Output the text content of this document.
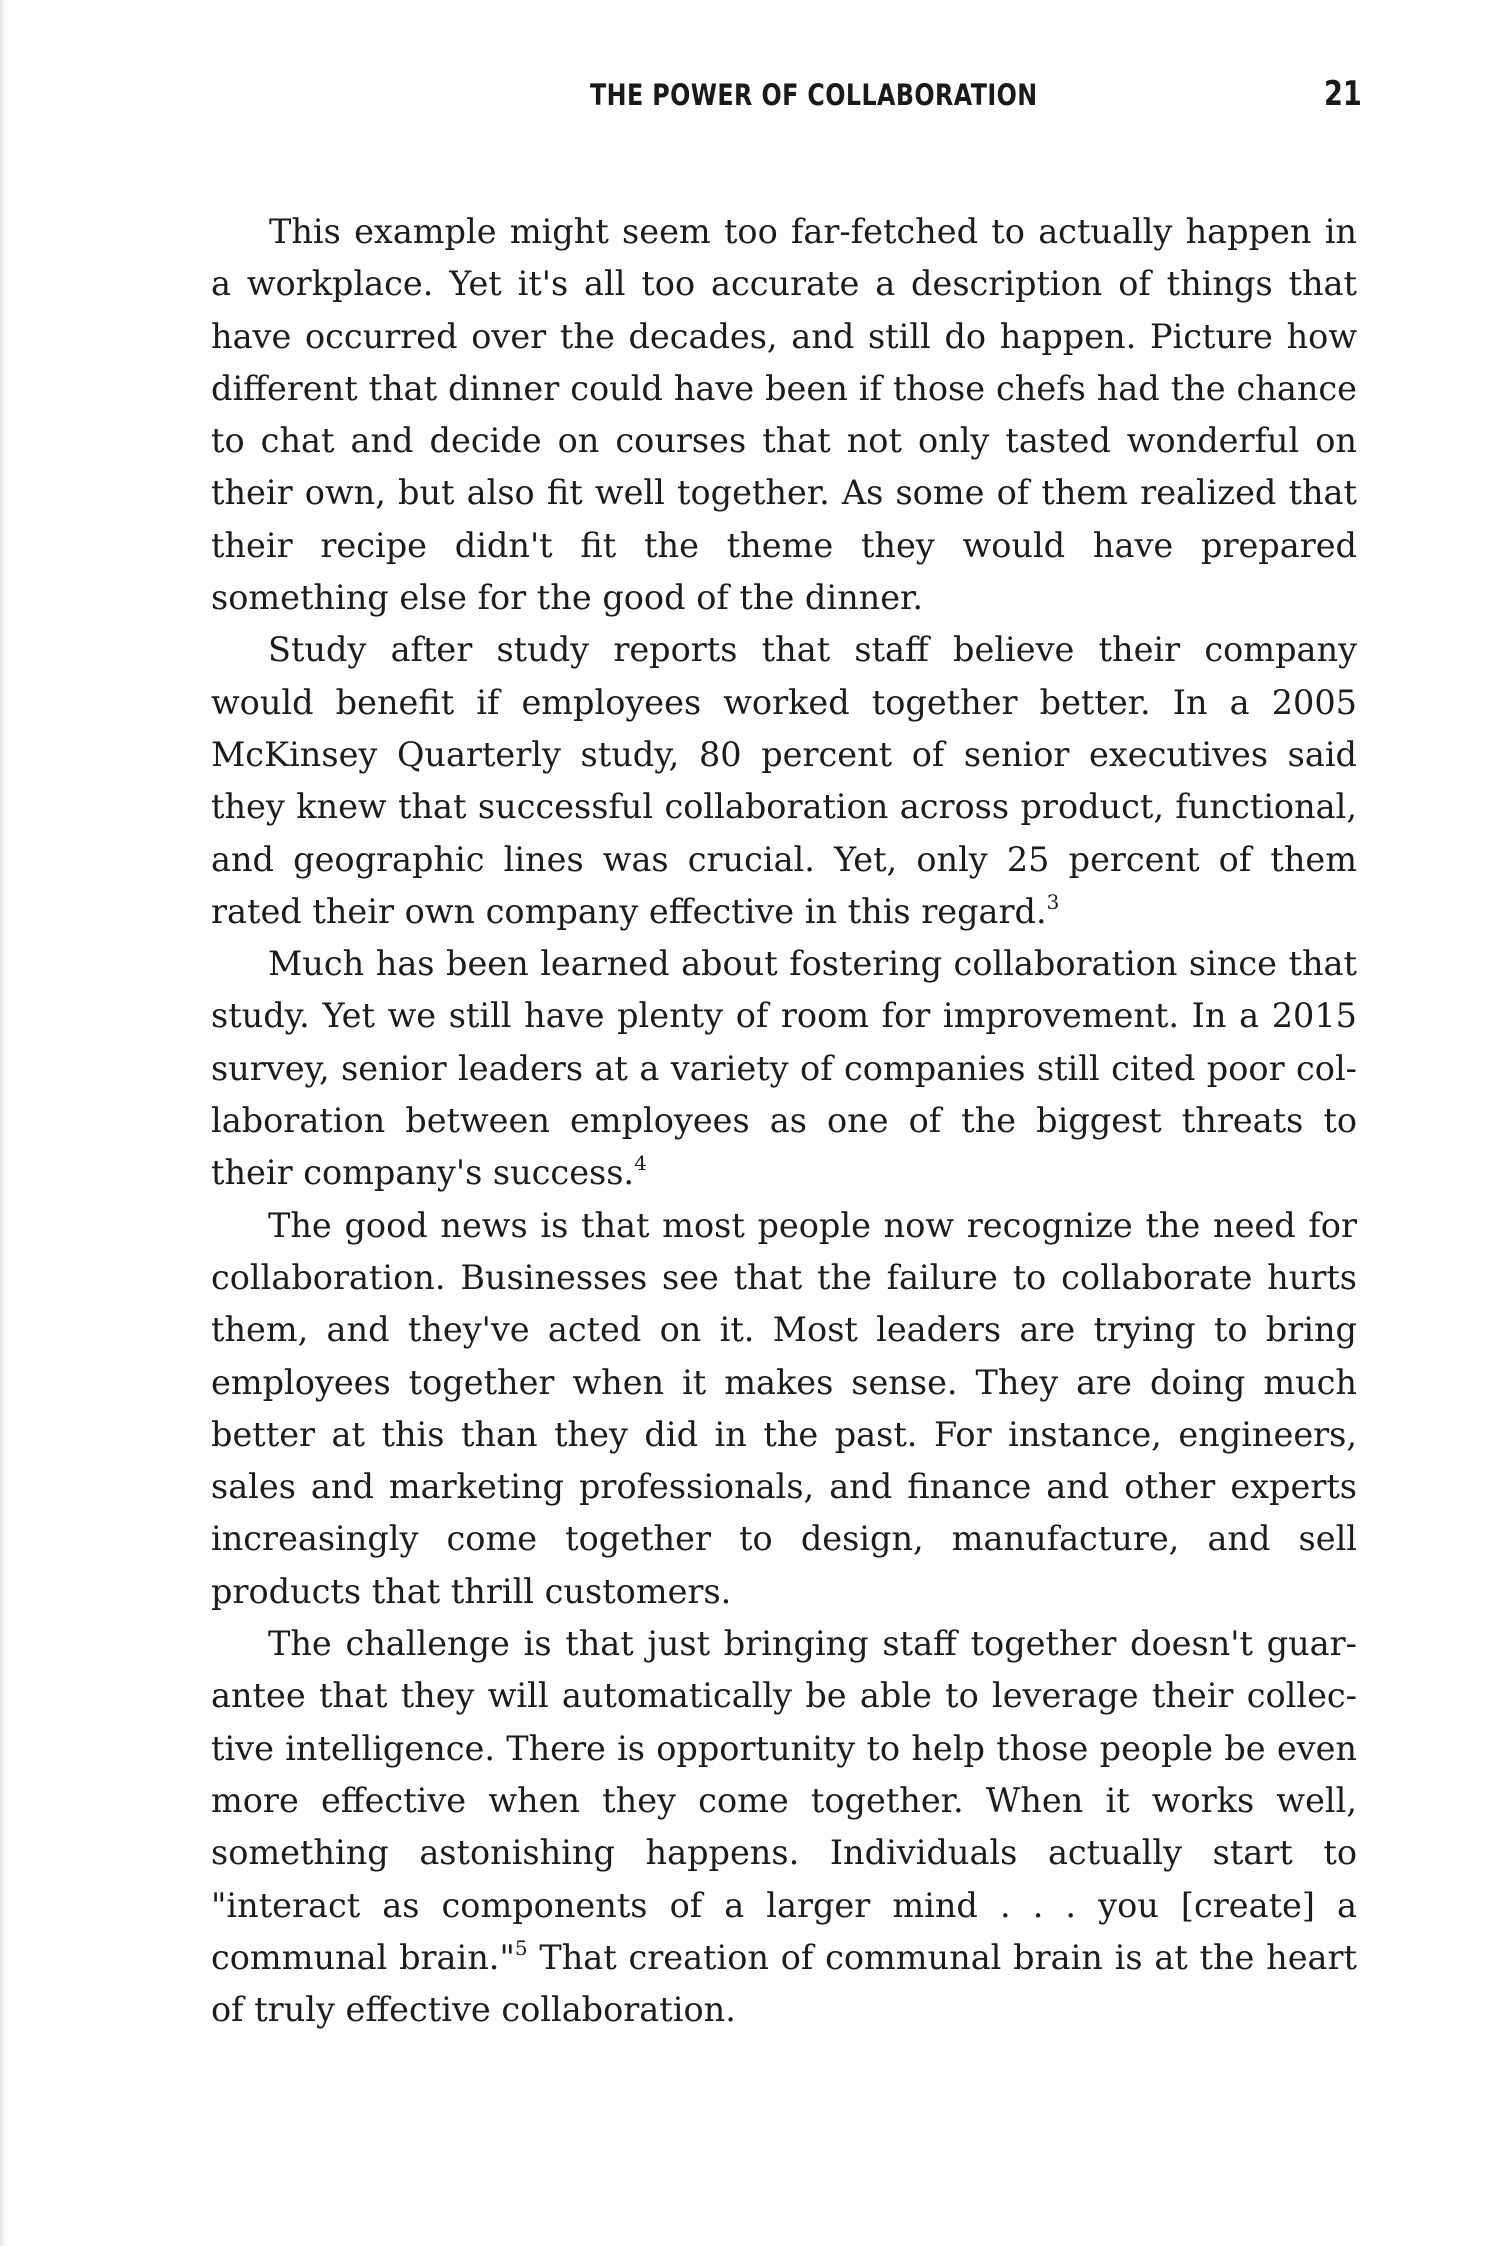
THE POWER OF COLLABORATION	21

This example might seem too far-fetched to actually happen in a workplace. Yet it's all too accurate a description of things that have occurred over the decades, and still do happen. Picture how different that dinner could have been if those chefs had the chance to chat and decide on courses that not only tasted wonderful on their own, but also fit well together. As some of them realized that their recipe didn't fit the theme they would have prepared something else for the good of the dinner.

Study after study reports that staff believe their company would benefit if employees worked together better. In a 2005 McKinsey Quarterly study, 80 percent of senior executives said they knew that successful collaboration across product, functional, and geographic lines was crucial. Yet, only 25 percent of them rated their own company effective in this regard.$^3$

Much has been learned about fostering collaboration since that study. Yet we still have plenty of room for improvement. In a 2015 survey, senior leaders at a variety of companies still cited poor collaboration between employees as one of the biggest threats to their company's success.$^4$

The good news is that most people now recognize the need for collaboration. Businesses see that the failure to collaborate hurts them, and they've acted on it. Most leaders are trying to bring employees together when it makes sense. They are doing much better at this than they did in the past. For instance, engineers, sales and marketing professionals, and finance and other experts increasingly come together to design, manufacture, and sell products that thrill customers.

The challenge is that just bringing staff together doesn't guarantee that they will automatically be able to leverage their collective intelligence. There is opportunity to help those people be even more effective when they come together. When it works well, something astonishing happens. Individuals actually start to "interact as components of a larger mind . . . you [create] a communal brain."$^5$ That creation of communal brain is at the heart of truly effective collaboration.
